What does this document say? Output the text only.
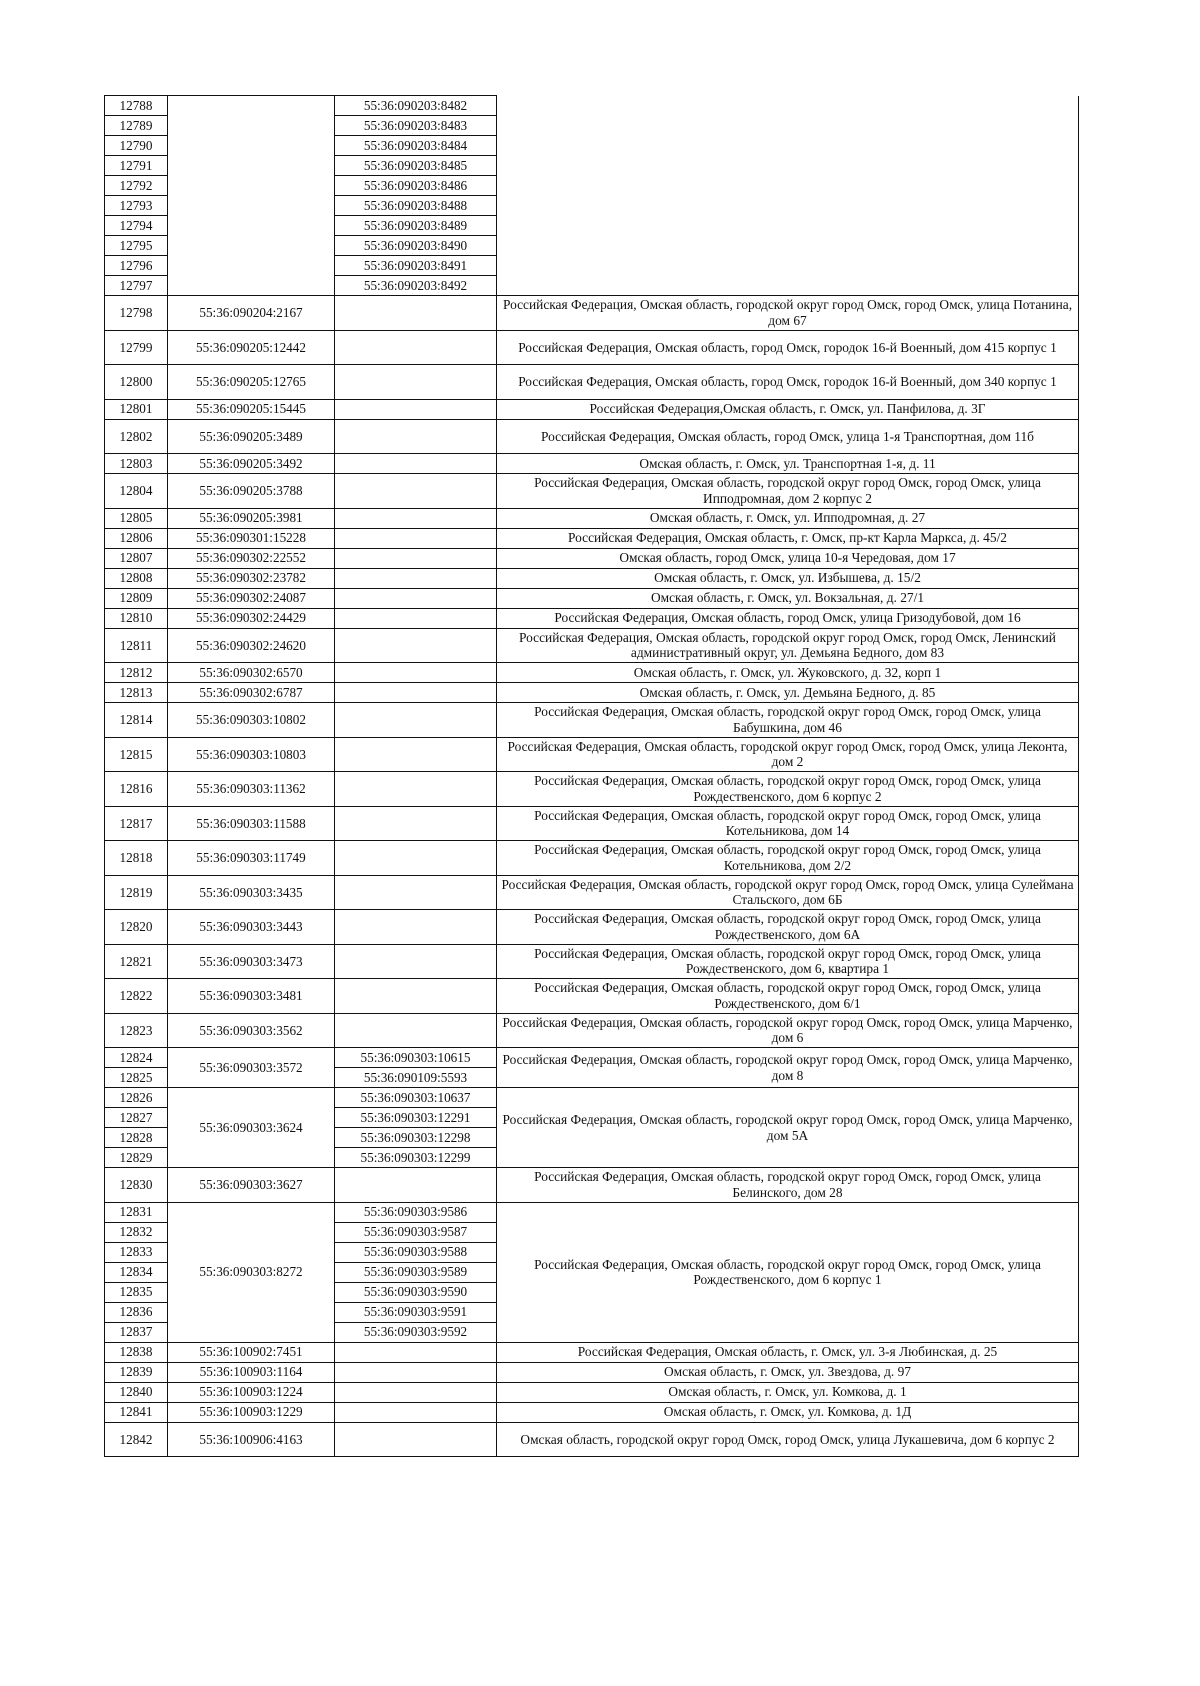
12788		55:36:090203:8482	
12789		55:36:090203:8483	
12790		55:36:090203:8484	
12791		55:36:090203:8485	
12792		55:36:090203:8486	
12793		55:36:090203:8488	
12794		55:36:090203:8489	
12795		55:36:090203:8490	
12796		55:36:090203:8491	
12797		55:36:090203:8492	
12798	55:36:090204:2167		Российская Федерация, Омская область, городской округ город Омск, город Омск, улица Потанина, дом 67
12799	55:36:090205:12442		Российская Федерация, Омская область, город Омск, городок 16-й Военный, дом 415 корпус 1
12800	55:36:090205:12765		Российская Федерация, Омская область, город Омск, городок 16-й Военный, дом 340 корпус 1
12801	55:36:090205:15445		Российская Федерация,Омская область, г. Омск, ул. Панфилова, д. 3Г
12802	55:36:090205:3489		Российская Федерация, Омская область, город Омск, улица 1-я Транспортная, дом 11б
12803	55:36:090205:3492		Омская область, г. Омск, ул. Транспортная 1-я, д. 11
12804	55:36:090205:3788		Российская Федерация, Омская область, городской округ город Омск, город Омск, улица Ипподромная, дом 2 корпус 2
12805	55:36:090205:3981		Омская область, г. Омск, ул. Ипподромная, д. 27
12806	55:36:090301:15228		Российская Федерация, Омская область, г. Омск, пр-кт Карла Маркса, д. 45/2
12807	55:36:090302:22552		Омская область, город Омск, улица 10-я Чередовая, дом 17
12808	55:36:090302:23782		Омская область, г. Омск, ул. Избышева, д. 15/2
12809	55:36:090302:24087		Омская область, г. Омск, ул. Вокзальная, д. 27/1
12810	55:36:090302:24429		Российская Федерация, Омская область, город Омск, улица Гризодубовой, дом 16
12811	55:36:090302:24620		Российская Федерация, Омская область, городской округ город Омск, город Омск, Ленинский административный округ, ул. Демьяна Бедного, дом 83
12812	55:36:090302:6570		Омская область, г. Омск, ул. Жуковского, д. 32, корп 1
12813	55:36:090302:6787		Омская область, г. Омск, ул. Демьяна Бедного, д. 85
12814	55:36:090303:10802		Российская Федерация, Омская область, городской округ город Омск, город Омск, улица Бабушкина, дом 46
12815	55:36:090303:10803		Российская Федерация, Омская область, городской округ город Омск, город Омск, улица Леконта, дом 2
12816	55:36:090303:11362		Российская Федерация, Омская область, городской округ город Омск, город Омск, улица Рождественского, дом 6 корпус 2
12817	55:36:090303:11588		Российская Федерация, Омская область, городской округ город Омск, город Омск, улица Котельникова, дом 14
12818	55:36:090303:11749		Российская Федерация, Омская область, городской округ город Омск, город Омск, улица Котельникова, дом 2/2
12819	55:36:090303:3435		Российская Федерация, Омская область, городской округ город Омск, город Омск, улица Сулеймана Стальского, дом 6Б
12820	55:36:090303:3443		Российская Федерация, Омская область, городской округ город Омск, город Омск, улица Рождественского, дом 6А
12821	55:36:090303:3473		Российская Федерация, Омская область, городской округ город Омск, город Омск, улица Рождественского, дом 6, квартира 1
12822	55:36:090303:3481		Российская Федерация, Омская область, городской округ город Омск, город Омск, улица Рождественского, дом 6/1
12823	55:36:090303:3562		Российская Федерация, Омская область, городской округ город Омск, город Омск, улица Марченко, дом 6
12824	55:36:090303:3572	55:36:090303:10615	Российская Федерация, Омская область, городской округ город Омск, город Омск, улица Марченко, дом 8
12825		55:36:090109:5593	
12826	55:36:090303:3624	55:36:090303:10637	Российская Федерация, Омская область, городской округ город Омск, город Омск, улица Марченко, дом 5А
12827		55:36:090303:12291	
12828		55:36:090303:12298	
12829		55:36:090303:12299	
12830	55:36:090303:3627		Российская Федерация, Омская область, городской округ город Омск, город Омск, улица Белинского, дом 28
12831	55:36:090303:8272	55:36:090303:9586	Российская Федерация, Омская область, городской округ город Омск, город Омск, улица Рождественского, дом 6 корпус 1
12832		55:36:090303:9587	
12833		55:36:090303:9588	
12834		55:36:090303:9589	
12835		55:36:090303:9590	
12836		55:36:090303:9591	
12837		55:36:090303:9592	
12838	55:36:100902:7451		Российская Федерация, Омская область, г. Омск, ул. 3-я Любинская, д. 25
12839	55:36:100903:1164		Омская область, г. Омск, ул. Звездова, д. 97
12840	55:36:100903:1224		Омская область, г. Омск, ул. Комкова, д. 1
12841	55:36:100903:1229		Омская область, г. Омск, ул. Комкова, д. 1Д
12842	55:36:100906:4163		Омская область, городской округ город Омск, город Омск, улица Лукашевича, дом 6 корпус 2
